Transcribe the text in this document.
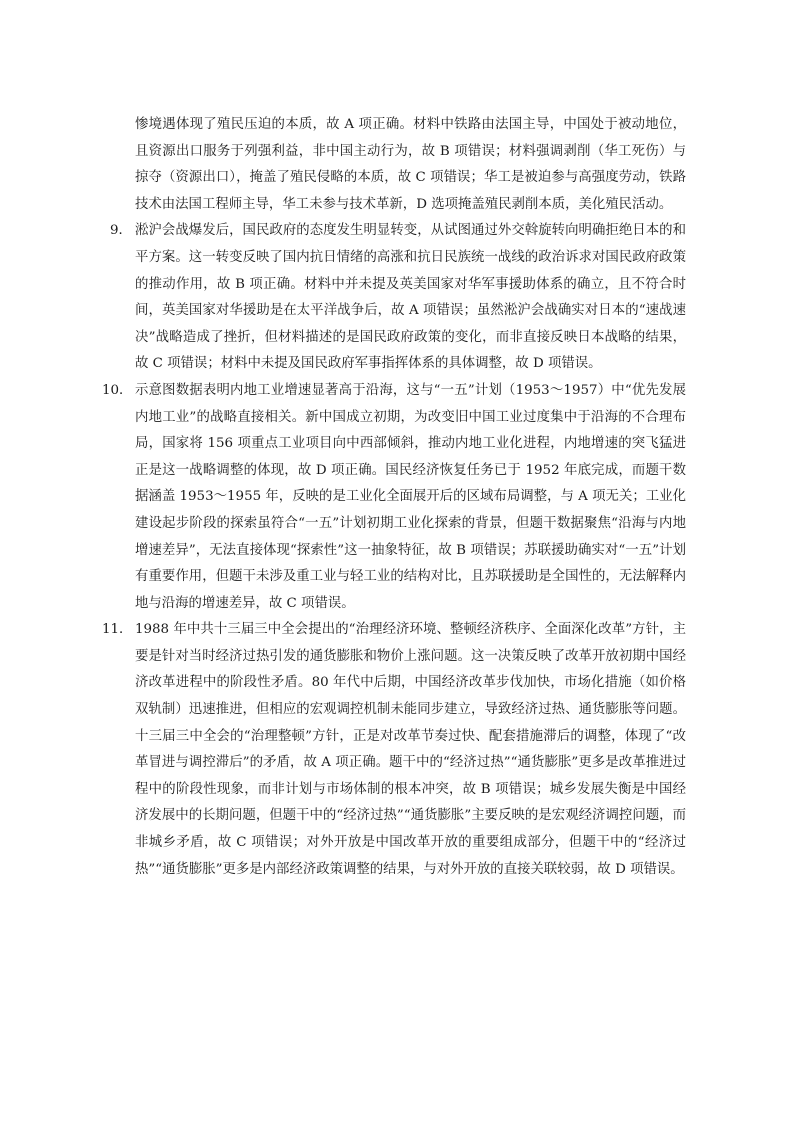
惨境遇体现了殖民压迫的本质，故 A 项正确。材料中铁路由法国主导，中国处于被动地位，且资源出口服务于列强利益，非中国主动行为，故 B 项错误；材料强调剥削（华工死伤）与掠夺（资源出口），掩盖了殖民侵略的本质，故 C 项错误；华工是被迫参与高强度劳动，铁路技术由法国工程师主导，华工未参与技术革新，D 选项掩盖殖民剥削本质，美化殖民活动。

9． 淞沪会战爆发后，国民政府的态度发生明显转变，从试图通过外交斡旋转向明确拒绝日本的和平方案。这一转变反映了国内抗日情绪的高涨和抗日民族统一战线的政治诉求对国民政府政策的推动作用，故 B 项正确。材料中并未提及英美国家对华军事援助体系的确立，且不符合时间，英美国家对华援助是在太平洋战争后，故 A 项错误；虽然淞沪会战确实对日本的“速战速决”战略造成了挫折，但材料描述的是国民政府政策的变化，而非直接反映日本战略的结果，故 C 项错误；材料中未提及国民政府军事指挥体系的具体调整，故 D 项错误。

10． 示意图数据表明内地工业增速显著高于沿海，这与“一五”计划（1953～1957）中“优先发展内地工业”的战略直接相关。新中国成立初期，为改变旧中国工业过度集中于沿海的不合理布局，国家将 156 项重点工业项目向中西部倾斜，推动内地工业化进程，内地增速的突飞猛进正是这一战略调整的体现，故 D 项正确。国民经济恢复任务已于 1952 年底完成，而题干数据涵盖 1953～1955 年，反映的是工业化全面展开后的区域布局调整，与 A 项无关；工业化建设起步阶段的探索虽符合“一五”计划初期工业化探索的背景，但题干数据聚焦“沿海与内地增速差异”，无法直接体现“探索性”这一抽象特征，故 B 项错误；苏联援助确实对“一五”计划有重要作用，但题干未涉及重工业与轻工业的结构对比，且苏联援助是全国性的，无法解释内地与沿海的增速差异，故 C 项错误。

11． 1988 年中共十三届三中全会提出的“治理经济环境、整顿经济秩序、全面深化改革”方针，主要是针对当时经济过热引发的通货膨胀和物价上涨问题。这一决策反映了改革开放初期中国经济改革进程中的阶段性矛盾。80 年代中后期，中国经济改革步伐加快，市场化措施（如价格双轨制）迅速推进，但相应的宏观调控机制未能同步建立，导致经济过热、通货膨胀等问题。十三届三中全会的“治理整顿”方针，正是对改革节奏过快、配套措施滞后的调整，体现了“改革冒进与调控滞后”的矛盾，故 A 项正确。题干中的“经济过热”“通货膨胀”更多是改革推进过程中的阶段性现象，而非计划与市场体制的根本冲突，故 B 项错误；城乡发展失衡是中国经济发展中的长期问题，但题干中的“经济过热”“通货膨胀”主要反映的是宏观经济调控问题，而非城乡矛盾，故 C 项错误；对外开放是中国改革开放的重要组成部分，但题干中的“经济过热”“通货膨胀”更多是内部经济政策调整的结果，与对外开放的直接关联较弱，故 D 项错误。
